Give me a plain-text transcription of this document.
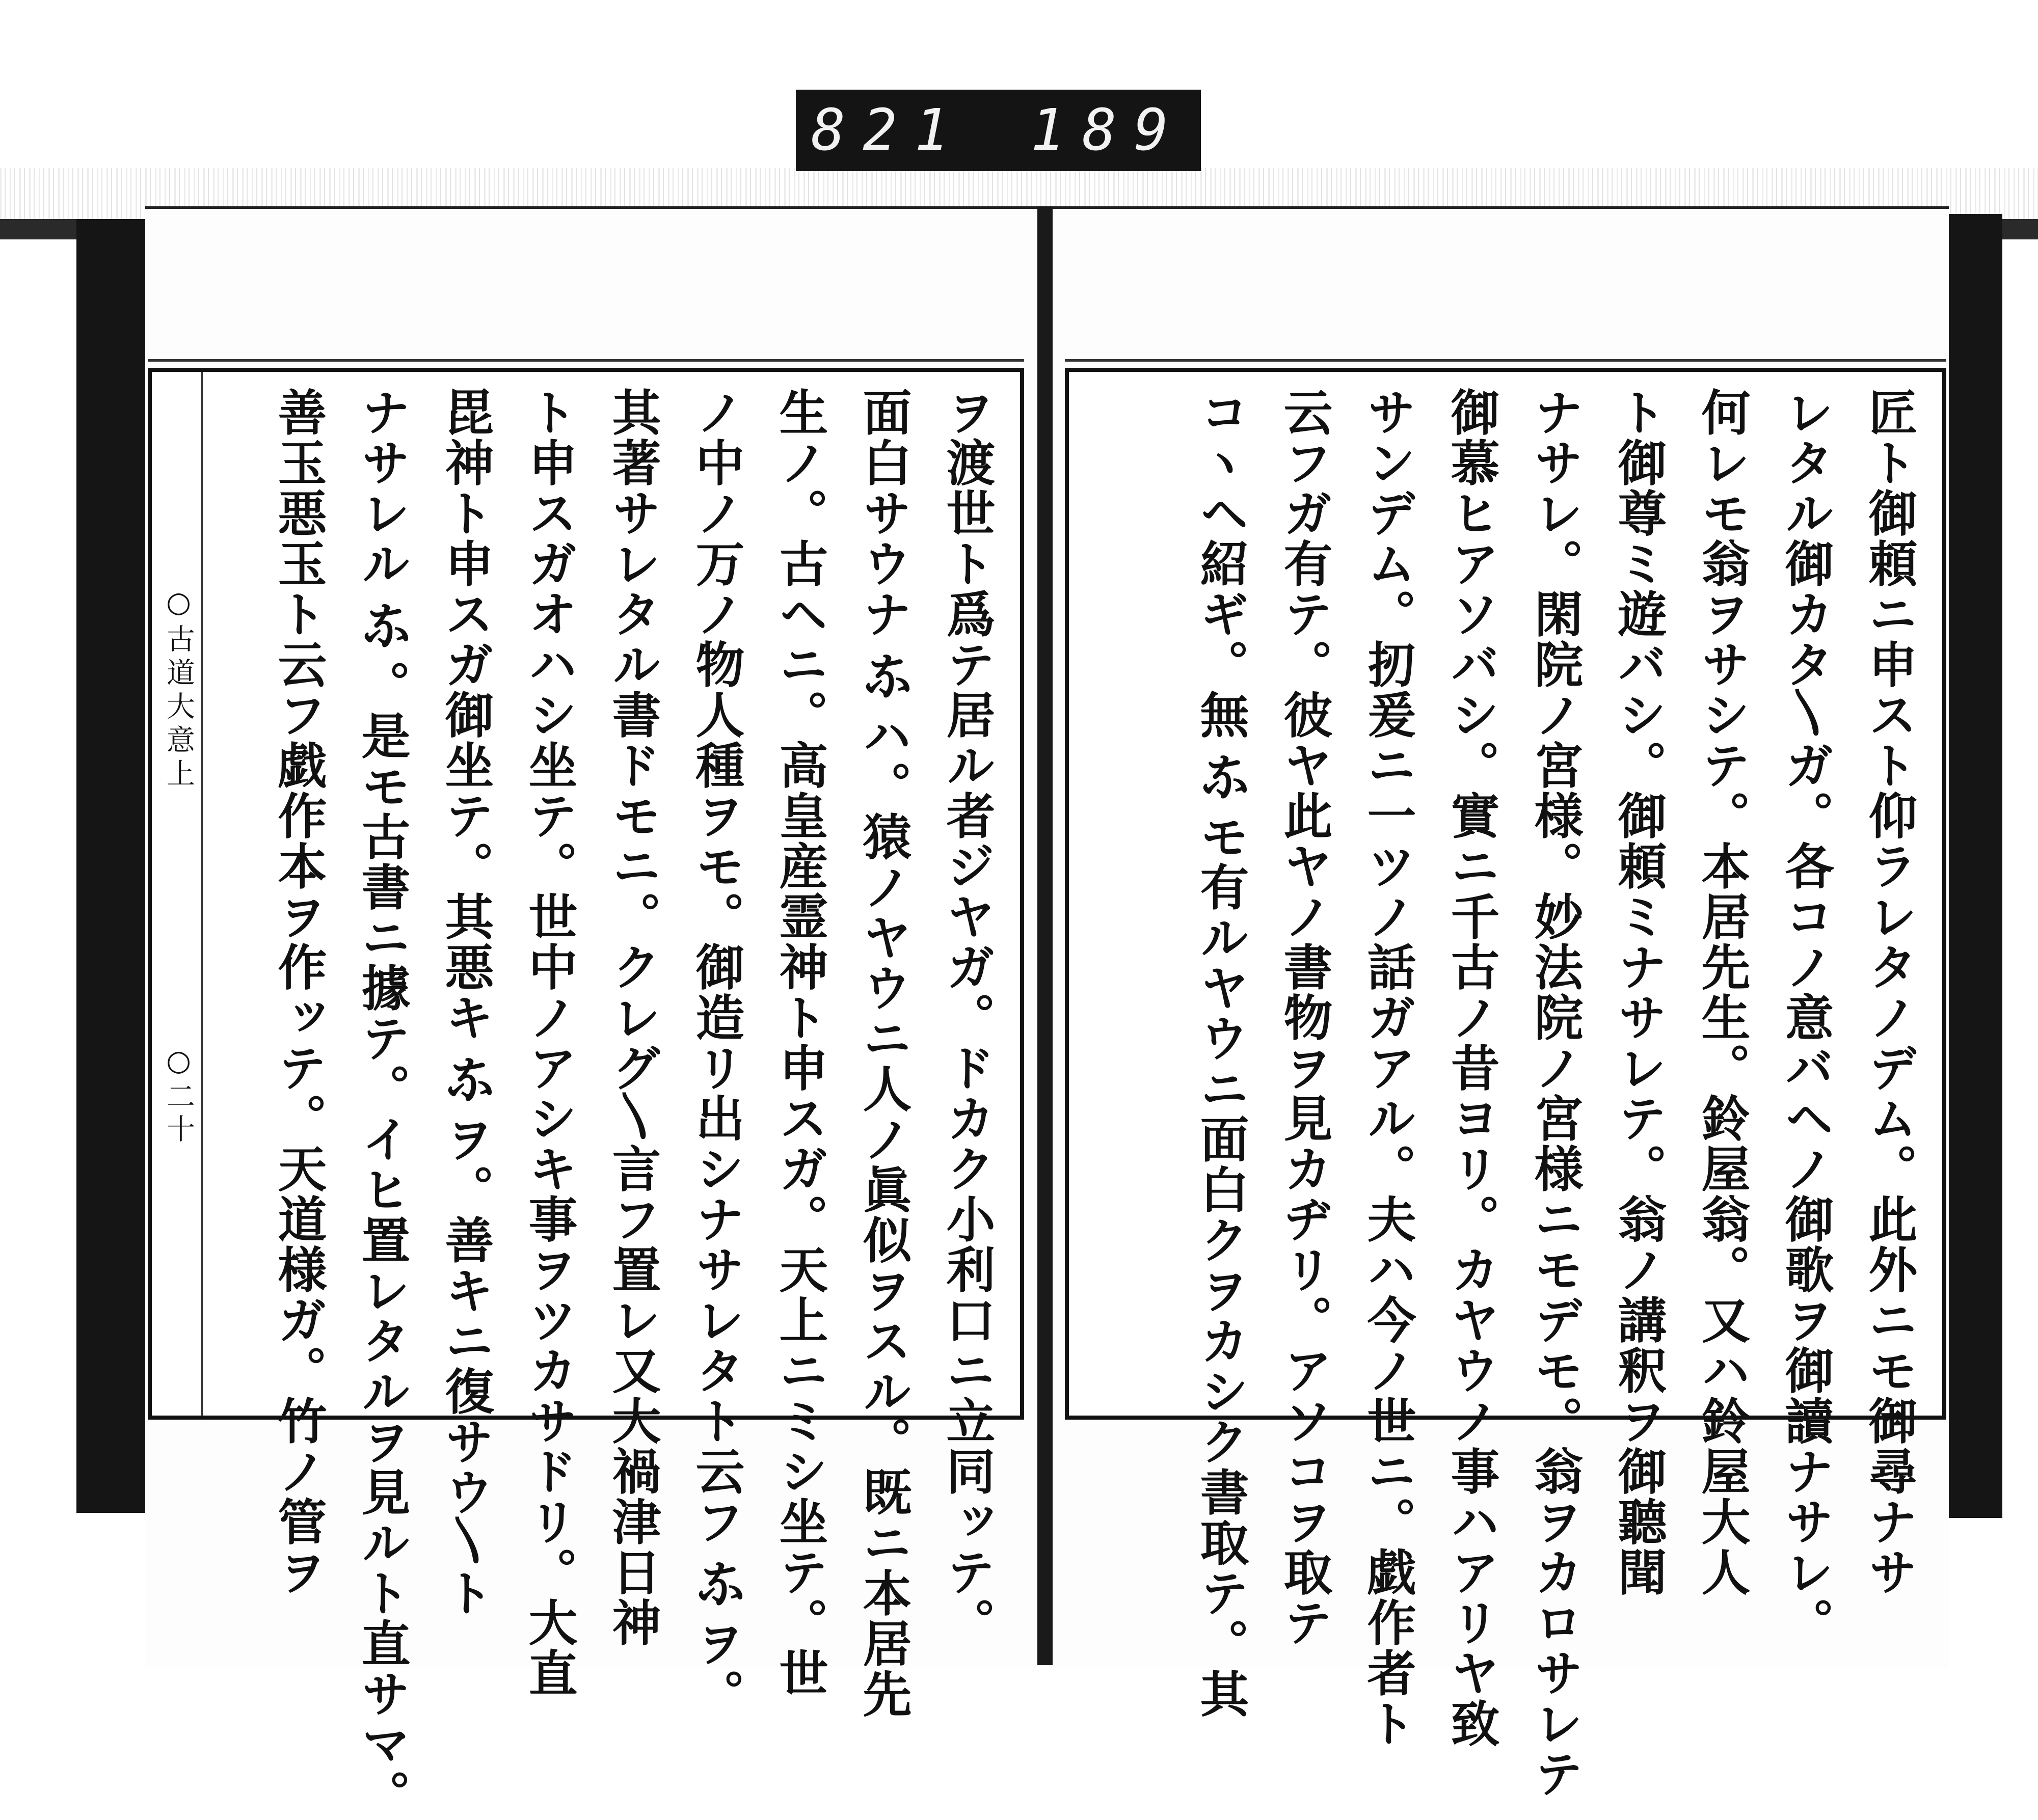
821 189
○古道大意上
○二十	ヲ渡世ト爲テ居ル者ジヤガ。ドカク小利口ニ立同ッテ。
面白サウナ𛂁ハ。猿ノヤウニ人ノ眞似ヲスル。既ニ本居先
生ノ。古ヘニ。高皇産霊神ト申スガ。天上ニミシ坐テ。世
ノ中ノ万ノ物人種ヲモ。御造リ出シナサレタト云フ𛂁ヲ。
其著サレタル書ドモニ。クレグ〵言フ置レ又大禍津日神
ト申スガオハシ坐テ。世中ノアシキ事ヲツカサドリ。大直
毘神ト申スガ御坐テ。其悪キ𛂁ヲ。善キニ復サウ〵ト
ナサレル𛂁。是モ古書ニ據テ。イヒ置レタルヲ見ルト直サマ。
善玉悪玉ト云フ戯作本ヲ作ッテ。天道様ガ。竹ノ管ヲ	匠ト御頼ニ申スト仰ラレタノデム。此外ニモ御尋ナサ
レタル御カタ〵ガ。各コノ意バヘノ御歌ヲ御讀ナサレ。
何レモ翁ヲサシテ。本居先生。鈴屋翁。又ハ鈴屋大人
ト御尊ミ遊バシ。御頼ミナサレテ。翁ノ講釈ヲ御聽聞
ナサレ。閑院ノ宮様。妙法院ノ宮様ニモデモ。翁ヲカロサレテ
御慕ヒアソバシ。實ニ千古ノ昔ヨリ。カヤウノ事ハアリヤ致
サンデム。扨爰ニ一ツノ話ガアル。夫ハ今ノ世ニ。戯作者ト
云フガ有テ。彼ヤ此ヤノ書物ヲ見カヂリ。アソコヲ取テ
コヽヘ紹ギ。無𛂁モ有ルヤウニ面白クヲカシク書取テ。其
